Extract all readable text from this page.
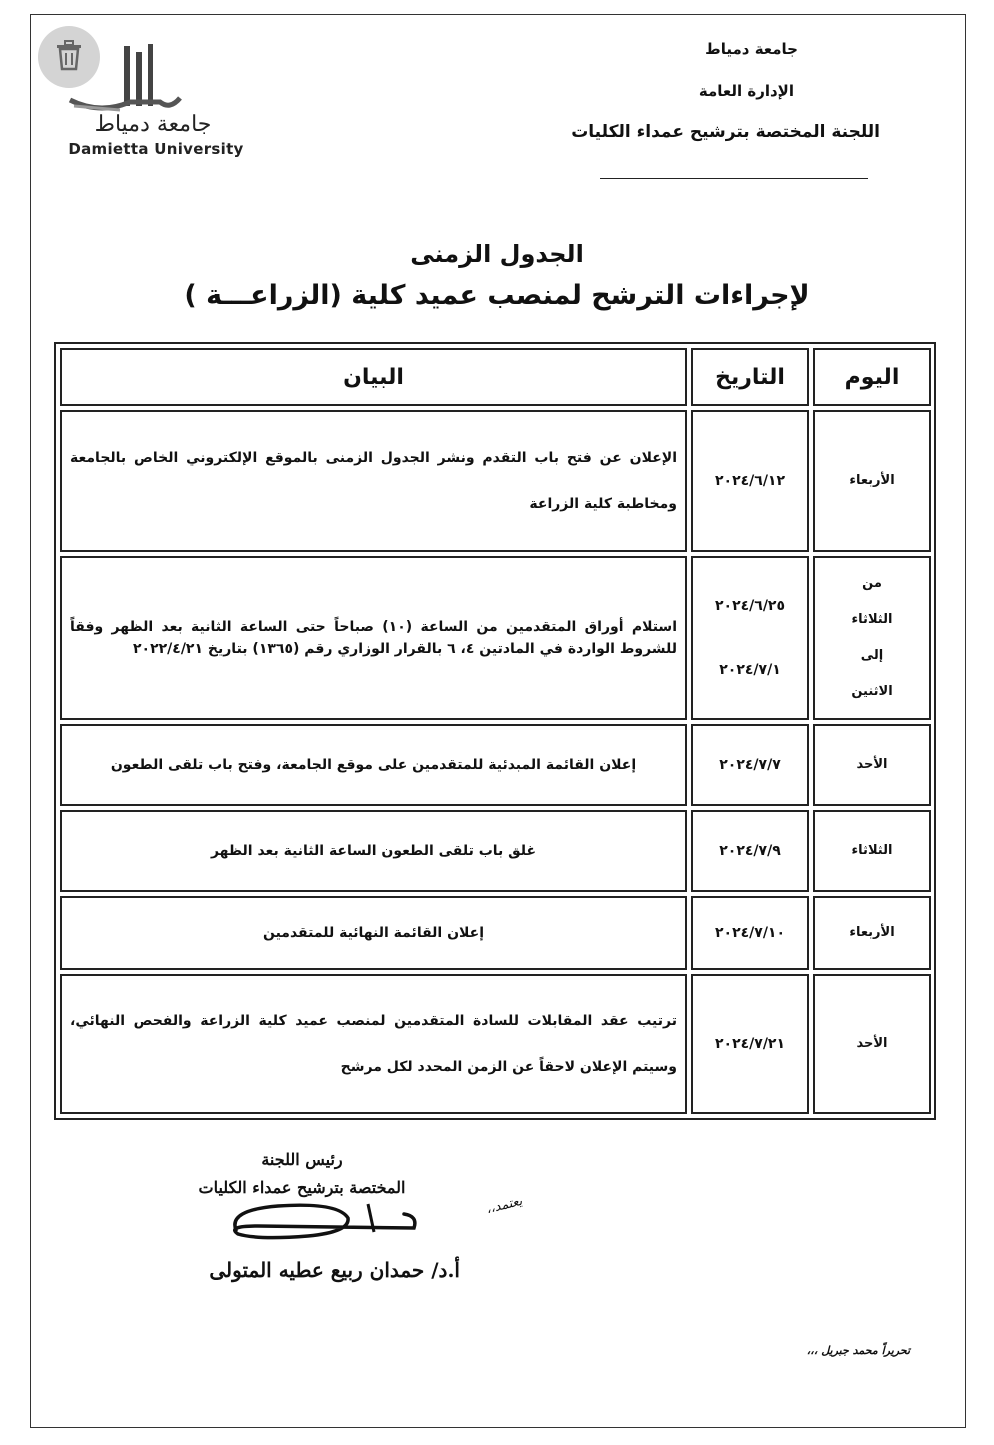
جامعة دمياط
Damietta University
جامعة دمياط
الإدارة العامة
اللجنة المختصة بترشيح عمداء الكليات
الجدول الزمنى
لإجراءات الترشح لمنصب عميد كلية (الزراعـــة )
اليوم
التاريخ
البيان
الأربعاء
٢٠٢٤/٦/١٢
الإعلان عن فتح باب التقدم ونشر الجدول الزمنى بالموقع الإلكتروني الخاص بالجامعة ومخاطبة كلية الزراعة
من
الثلاثاء
إلى
الاثنين
٢٠٢٤/٦/٢٥
٢٠٢٤/٧/١
استلام أوراق المتقدمين من الساعة (١٠) صباحاً حتى الساعة الثانية بعد الظهر وفقاً للشروط الواردة في المادتين ٤، ٦ بالقرار الوزاري رقم (١٣٦٥) بتاريخ ٢٠٢٢/٤/٢١
الأحد
٢٠٢٤/٧/٧
إعلان القائمة المبدئية للمتقدمين على موقع الجامعة، وفتح باب تلقى الطعون
الثلاثاء
٢٠٢٤/٧/٩
غلق باب تلقى الطعون الساعة الثانية بعد الظهر
الأربعاء
٢٠٢٤/٧/١٠
إعلان القائمة النهائية للمتقدمين
الأحد
٢٠٢٤/٧/٢١
ترتيب عقد المقابلات للسادة المتقدمين لمنصب عميد كلية الزراعة والفحص النهائي، وسيتم الإعلان لاحقاً عن الزمن المحدد لكل مرشح
رئيس اللجنة
المختصة بترشيح عمداء الكليات
يعتمد،،
أ.د/ حمدان ربيع عطيه المتولى
تحريراً محمد جبريل ،،،
